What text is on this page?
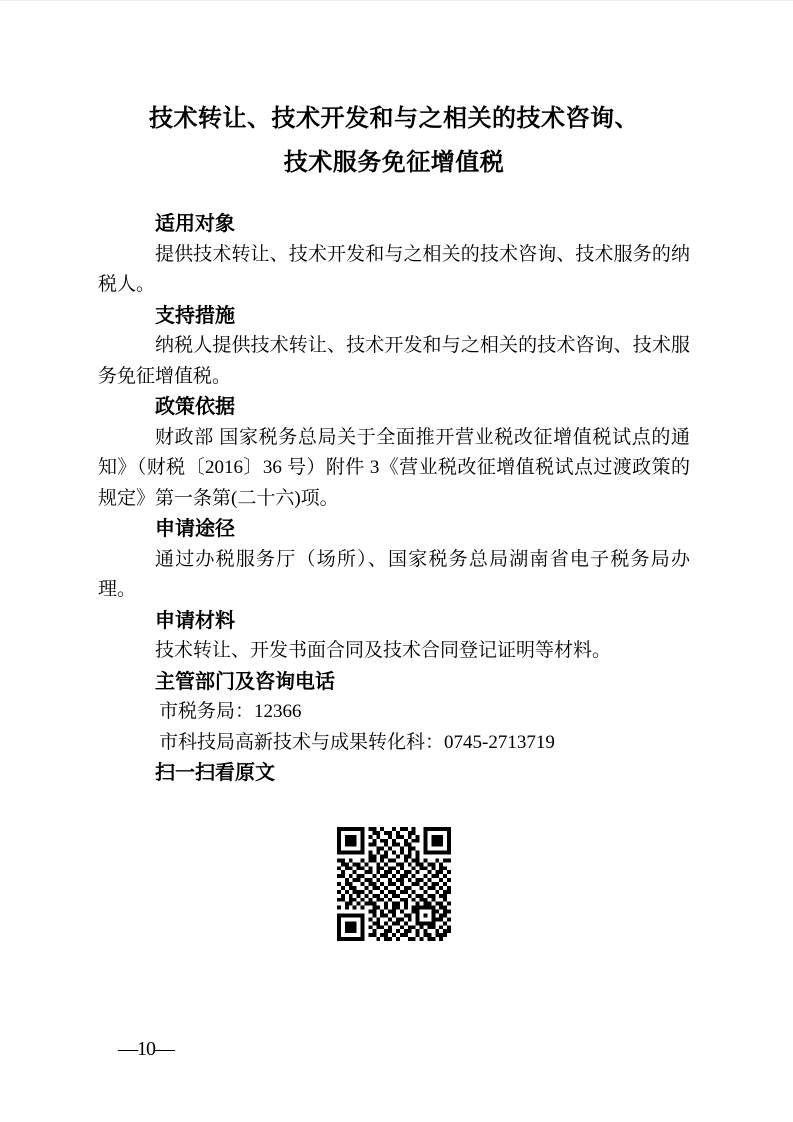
技术转让、技术开发和与之相关的技术咨询、
技术服务免征增值税
适用对象

提供技术转让、技术开发和与之相关的技术咨询、技术服务的纳税人。

支持措施

纳税人提供技术转让、技术开发和与之相关的技术咨询、技术服务免征增值税。

政策依据

财政部 国家税务总局关于全面推开营业税改征增值税试点的通知》（财税〔2016〕36 号）附件 3《营业税改征增值税试点过渡政策的规定》第一条第(二十六)项。

申请途径

通过办税服务厅（场所）、国家税务总局湖南省电子税务局办理。

申请材料

技术转让、开发书面合同及技术合同登记证明等材料。

主管部门及咨询电话

市税务局：12366

市科技局高新技术与成果转化科：0745-2713719

扫一扫看原文
—10—
